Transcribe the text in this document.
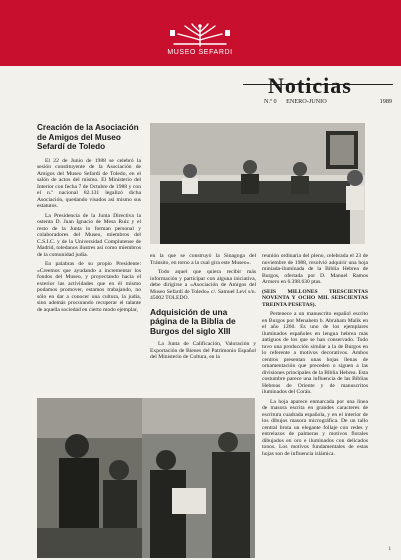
MUSEO SEFARDI
Noticias
N.º 0 ENERO-JUNIO	1989
Creación de la Asociación de Amigos del Museo Sefardí de Toledo

El 22 de Junio de 1988 se celebró la sesión constituyente de la Asociación de Amigos del Museo Sefardí de Toledo, en el salón de actos del mismo. El Ministerio del Interior con fecha 7 de Octubre de 1988 y con el n.º nacional 82.131 legalizó dicha Asociación, quedando visados así mismo sus estatutos.

La Presidencia de la Junta Directiva la ostenta D. Juan Ignacio de Mesa Ruiz y el resto de la Junta lo forman personal y colaboradores del Museo, miembros del C.S.I.C. y de la Universidad Complutense de Madrid, toledanos ilustres así como miembros de la comunidad judía.

En palabras de su propio Presidente: «Creemos que ayudando a incrementar los fondos del Museo, y proyectando hacia el exterior las actividades que en él mismo podamos promover, estamos trabajando, no sólo en dar a conocer una cultura, la judía, sino además procurando recuperar el talante de aquella sociedad en cierto modo ejemplar,

en la que se construyó la Sinagoga del Tránsito, en torno a la cual gira este Museo».

Todo aquel que quiera recibir más información y participar con alguna iniciativa, debe dirigirse a «Asociación de Amigos del Museo Sefardí de Toledo» c/. Samuel Leví s/n. 45002 TOLEDO.

Adquisición de una página de la Biblia de Burgos del siglo XIII

La Junta de Calificación, Valoración y Exportación de Bienes del Patrimonio Español del Ministerio de Cultura, en la

reunión ordinaria del pleno, celebrada el 23 de noviembre de 1988, resolvió adquirir una hoja miniada-iluminada de la Biblia Hebrea de Burgos, ofertada por D. Manuel Ramos Armero en 6.398.630 ptas.

(SEIS MILLONES TRESCIENTAS NOVENTA Y OCHO MIL SEISCIENTAS TREINTA PESETAS).

Pertenece a un manuscrito español escrito en Burgos por Menahem b. Abraham Malik en el año 1260. Es uno de los ejemplares iluminados españoles en lengua hebrea más antiguos de los que se han conservado. Todo tuvo una producción similar a la de Burgos en lo referente a motivos decorativos. Ambos centros presentan unas hojas llenas de ornamentación que preceden o siguen a las divisiones principales de la Biblia Hebrea. Esta costumbre parece una influencia de las Biblias Hebreas de Oriente y de manuscritos iluminados del Corán.

La hoja aparece enmarcada por una línea de masora escrita en grandes caracteres de escritura cuadrada española, y en el interior de los dibujos masora micrográfica. De un tallo central brota un elegante follaje con redes y entrelazos de palmeras y motivos florales dibujados en oro e iluminados con delicados tonos. Los motivos fundamentales de estas hojas son de influencia islámica.

1
